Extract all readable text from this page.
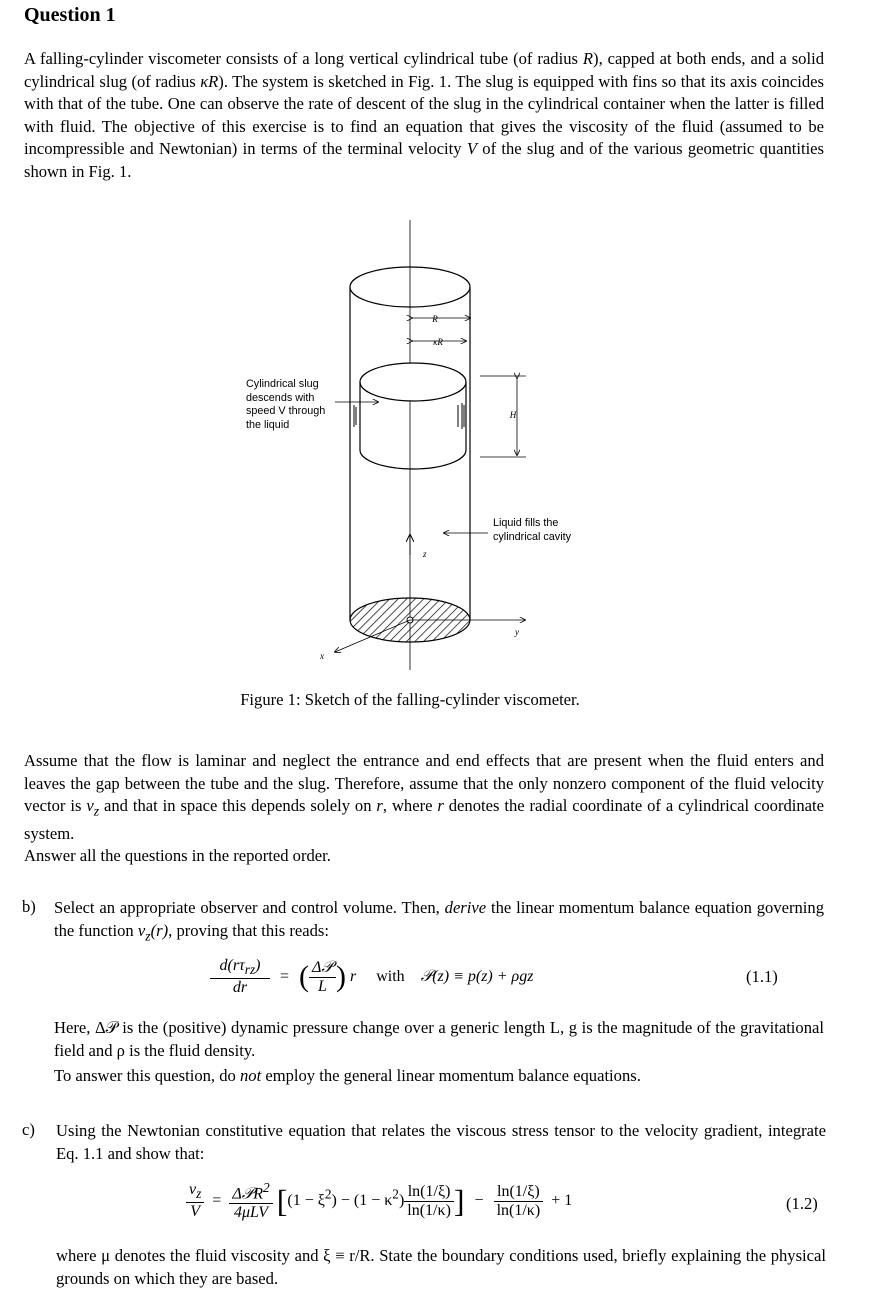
Question 1
A falling-cylinder viscometer consists of a long vertical cylindrical tube (of radius R), capped at both ends, and a solid cylindrical slug (of radius κR). The system is sketched in Fig. 1. The slug is equipped with fins so that its axis coincides with that of the tube. One can observe the rate of descent of the slug in the cylindrical container when the latter is filled with fluid. The objective of this exercise is to find an equation that gives the viscosity of the fluid (assumed to be incompressible and Newtonian) in terms of the terminal velocity V of the slug and of the various geometric quantities shown in Fig. 1.
R
κR
H
z
y
x
Cylindrical slug
descends with
speed V through
the liquid
Liquid fills the
cylindrical cavity
Figure 1: Sketch of the falling-cylinder viscometer.
Assume that the flow is laminar and neglect the entrance and end effects that are present when the fluid enters and leaves the gap between the tube and the slug. Therefore, assume that the only nonzero component of the fluid velocity vector is $v_z$ and that in space this depends solely on r, where r denotes the radial coordinate of a cylindrical coordinate system.
Answer all the questions in the reported order.
b) Select an appropriate observer and control volume. Then, derive the linear momentum balance equation governing the function $v_z(r)$, proving that this reads:
$\frac{d(r\tau_{rz})}{dr}$ = ( $\frac{\text{Δ𝒫}}{L}$ ) r with 𝒫(z) ≡ p(z) + ρgz	(1.1)
Here, Δ𝒫 is the (positive) dynamic pressure change over a generic length L, g is the magnitude of the gravitational field and ρ is the fluid density.
To answer this question, do not employ the general linear momentum balance equations.
c) Using the Newtonian constitutive equation that relates the viscous stress tensor to the velocity gradient, integrate Eq. 1.1 and show that:
$\frac{v_z}{V} = \frac{\Delta 𝒫R^2}{\text{4μLV}} [(1 - \xi^2) - (1 - \kappa^2) \frac{\ln(1/\xi)}{\ln(1/\kappa)}$ ] − $\frac{\ln(1/\xi)}{\ln(1/\kappa)} + 1$	(1.2)
where μ denotes the fluid viscosity and ξ ≡ r/R. State the boundary conditions used, briefly explaining the physical grounds on which they are based.
